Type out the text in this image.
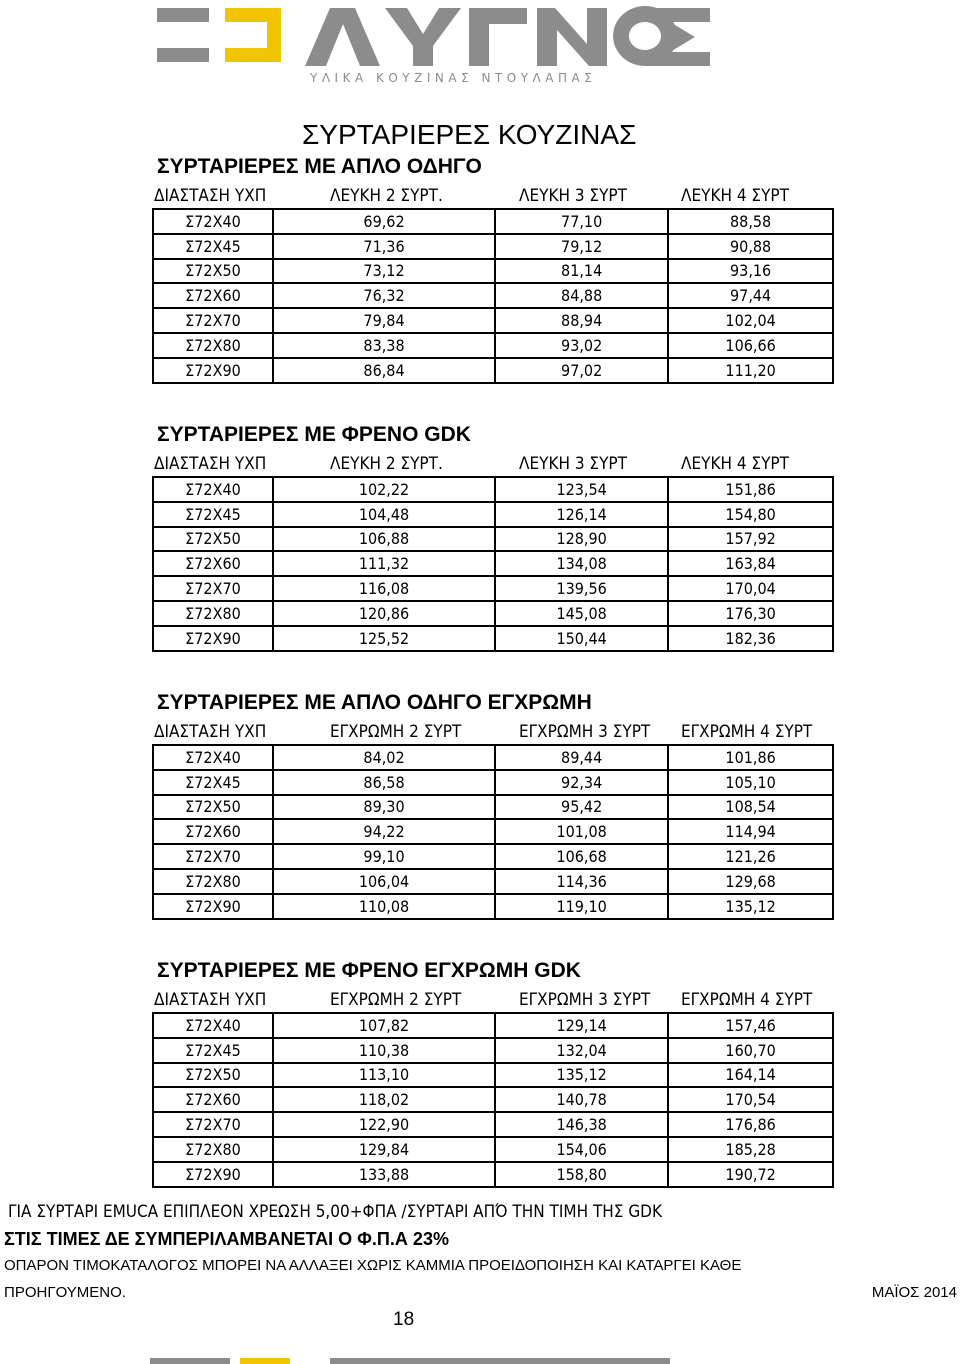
ΥΛΙΚΑ ΚΟΥΖΙΝΑΣ ΝΤΟΥΛΑΠΑΣ
ΣΥΡΤΑΡΙΕΡΕΣ ΚΟΥΖΙΝΑΣ
ΣΥΡΤΑΡΙΕΡΕΣ ΜΕ ΑΠΛΟ ΟΔΗΓΟ
ΔΙΑΣΤΑΣΗ ΥΧΠ	ΛΕΥΚΗ 2 ΣΥΡΤ.	ΛΕΥΚΗ 3 ΣΥΡΤ	ΛΕΥΚΗ 4 ΣΥΡΤ
Σ72Χ40	69,62	77,10	88,58
Σ72Χ45	71,36	79,12	90,88
Σ72Χ50	73,12	81,14	93,16
Σ72Χ60	76,32	84,88	97,44
Σ72Χ70	79,84	88,94	102,04
Σ72Χ80	83,38	93,02	106,66
Σ72Χ90	86,84	97,02	111,20
ΣΥΡΤΑΡΙΕΡΕΣ ΜΕ ΦΡΕΝΟ GDK
ΔΙΑΣΤΑΣΗ ΥΧΠ	ΛΕΥΚΗ 2 ΣΥΡΤ.	ΛΕΥΚΗ 3 ΣΥΡΤ	ΛΕΥΚΗ 4 ΣΥΡΤ
Σ72Χ40	102,22	123,54	151,86
Σ72Χ45	104,48	126,14	154,80
Σ72Χ50	106,88	128,90	157,92
Σ72Χ60	111,32	134,08	163,84
Σ72Χ70	116,08	139,56	170,04
Σ72Χ80	120,86	145,08	176,30
Σ72Χ90	125,52	150,44	182,36
ΣΥΡΤΑΡΙΕΡΕΣ ΜΕ ΑΠΛΟ ΟΔΗΓΟ ΕΓΧΡΩΜΗ
ΔΙΑΣΤΑΣΗ ΥΧΠ	ΕΓΧΡΩΜΗ 2 ΣΥΡΤ	ΕΓΧΡΩΜΗ 3 ΣΥΡΤ ΕΓΧΡΩΜΗ 4 ΣΥΡΤ
Σ72Χ40	84,02	89,44	101,86
Σ72Χ45	86,58	92,34	105,10
Σ72Χ50	89,30	95,42	108,54
Σ72Χ60	94,22	101,08	114,94
Σ72Χ70	99,10	106,68	121,26
Σ72Χ80	106,04	114,36	129,68
Σ72Χ90	110,08	119,10	135,12
ΣΥΡΤΑΡΙΕΡΕΣ ΜΕ ΦΡΕΝΟ ΕΓΧΡΩΜΗ GDK
ΔΙΑΣΤΑΣΗ ΥΧΠ	ΕΓΧΡΩΜΗ 2 ΣΥΡΤ	ΕΓΧΡΩΜΗ 3 ΣΥΡΤ ΕΓΧΡΩΜΗ 4 ΣΥΡΤ
Σ72Χ40	107,82	129,14	157,46
Σ72Χ45	110,38	132,04	160,70
Σ72Χ50	113,10	135,12	164,14
Σ72Χ60	118,02	140,78	170,54
Σ72Χ70	122,90	146,38	176,86
Σ72Χ80	129,84	154,06	185,28
Σ72Χ90	133,88	158,80	190,72
ΓΙΑ ΣΥΡΤΑΡΙ EMUCA ΕΠΙΠΛΕΟΝ ΧΡΕΩΣΗ 5,00+ΦΠΑ /ΣΥΡΤΑΡΙ ΑΠΌ ΤΗΝ ΤΙΜΗ ΤΗΣ GDK
ΣΤΙΣ ΤΙΜΕΣ ΔΕ ΣΥΜΠΕΡΙΛΑΜΒΑΝΕΤΑΙ Ο Φ.Π.Α 23%
ΟΠΑΡΟΝ ΤΙΜΟΚΑΤΑΛΟΓΟΣ ΜΠΟΡΕΙ ΝΑ ΑΛΛΑΞΕΙ ΧΩΡΙΣ ΚΑΜΜΙΑ ΠΡΟΕΙΔΟΠΟΙΗΣΗ ΚΑΙ ΚΑΤΑΡΓΕΙ ΚΑΘΕ
ΠΡΟΗΓΟΥΜΕΝΟ.	ΜΑΪΟΣ 2014
18
